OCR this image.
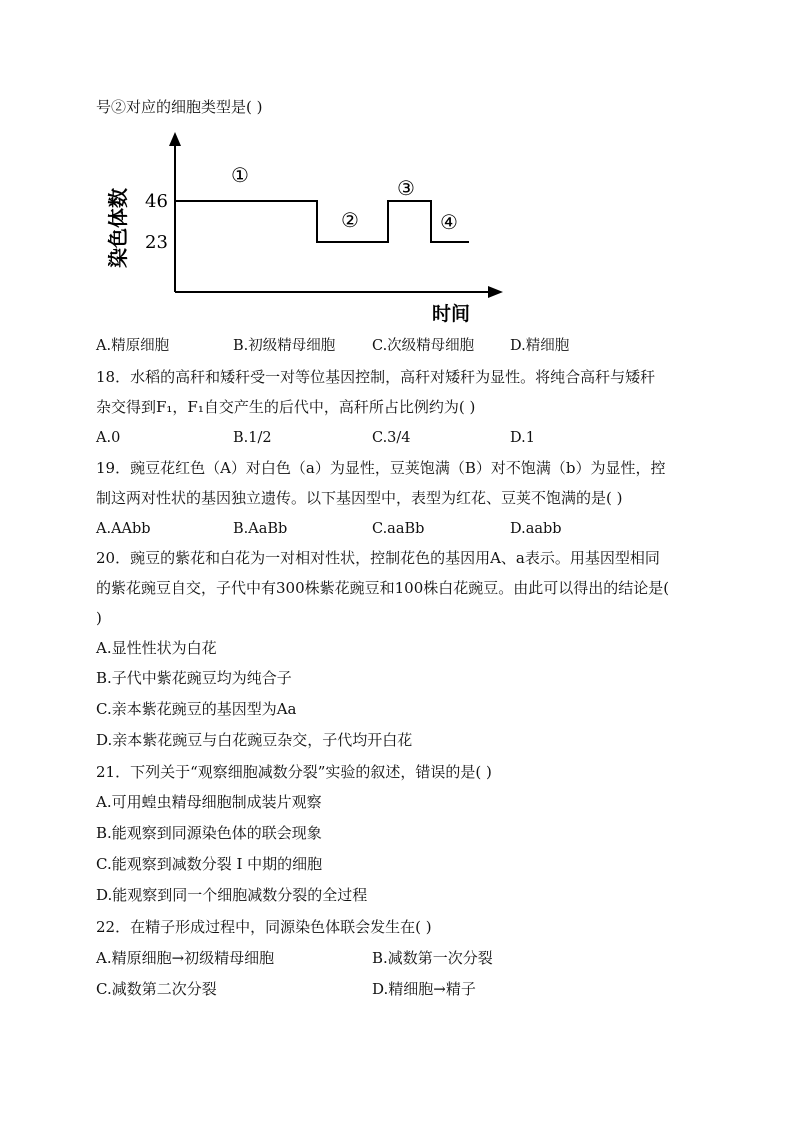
号②对应的细胞类型是( )
染色体数 46
23
①
②
③
④
时间
A.精原细胞	B.初级精母细胞	C.次级精母细胞 D.精细胞
18．水稻的高秆和矮秆受一对等位基因控制，高秆对矮秆为显性。将纯合高秆与矮秆
杂交得到F₁，F₁自交产生的后代中，高秆所占比例约为( )
A.0	B.1/2	C.3/4	D.1
19．豌豆花红色（A）对白色（a）为显性，豆荚饱满（B）对不饱满（b）为显性，控
制这两对性状的基因独立遗传。以下基因型中，表型为红花、豆荚不饱满的是( )
A.AAbb	B.AaBb	C.aaBb	D.aabb
20．豌豆的紫花和白花为一对相对性状，控制花色的基因用A、a表示。用基因型相同
的紫花豌豆自交，子代中有300株紫花豌豆和100株白花豌豆。由此可以得出的结论是(
)
A.显性性状为白花
B.子代中紫花豌豆均为纯合子
C.亲本紫花豌豆的基因型为Aa
D.亲本紫花豌豆与白花豌豆杂交，子代均开白花
21．下列关于“观察细胞减数分裂”实验的叙述，错误的是( )
A.可用蝗虫精母细胞制成装片观察
B.能观察到同源染色体的联会现象
C.能观察到减数分裂 I 中期的细胞
D.能观察到同一个细胞减数分裂的全过程
22．在精子形成过程中，同源染色体联会发生在( )
A.精原细胞→初级精母细胞	B.减数第一次分裂
C.减数第二次分裂	D.精细胞→精子
